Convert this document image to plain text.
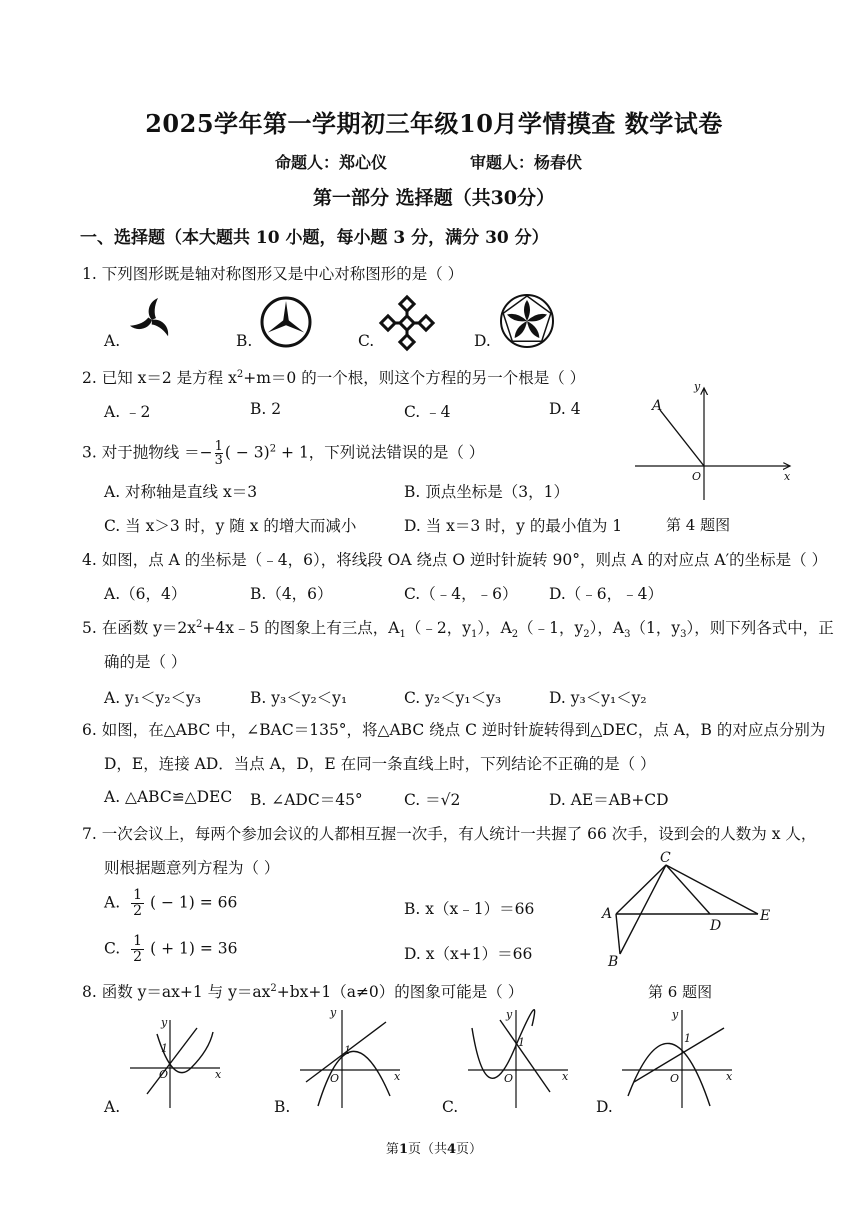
2025学年第一学期初三年级10月学情摸查 数学试卷
命题人：郑心仪	审题人：杨春伏
第一部分 选择题（共30分）
一、选择题（本大题共 10 小题，每小题 3 分，满分 30 分）
1. 下列图形既是轴对称图形又是中心对称图形的是（ ）
A.	B.	C.	D.
2. 已知 x＝2 是方程 $x^2+m=0$ 的一个根，则这个方程的另一个根是（ ）
A. ﹣2	B. 2	C. ﹣4	D. 4
y
x
A
O
第 4 题图
3. 对于抛物线 ＝− $\frac{1}{3}$ ( − 3)$^2$ + 1，下列说法错误的是（ ）
A. 对称轴是直线 x＝3	B. 顶点坐标是（3，1）
C. 当 x＞3 时，y 随 x 的增大而减小	D. 当 x＝3 时，y 的最小值为 1
4. 如图，点 A 的坐标是（﹣4，6），将线段 OA 绕点 O 逆时针旋转 90°，则点 A 的对应点 A′的坐标是（ ）
A.（6，4）	B.（4，6）	C.（﹣4，﹣6） D.（﹣6，﹣4）
5. 在函数 $y=2x^2+4x﹣5$ 的图象上有三点，$A_1(﹣2$，$y_1$），$A_2(﹣1$，$y_2$），$A_3(1$，$y_3$），则下列各式中，正
确的是（ ）
A. y₁＜y₂＜y₃	B. y₃＜y₂＜y₁	C. y₂＜y₁＜y₃	D. y₃＜y₁＜y₂
6. 如图，在△ABC 中，∠BAC＝135°，将△ABC 绕点 C 逆时针旋转得到△DEC，点 A，B 的对应点分别为
D，E，连接 AD．当点 A，D，E 在同一条直线上时，下列结论不正确的是（ ）
A. △ABC≌△DEC B. ∠ADC＝45°	C. ＝√2	D. AE＝AB+CD
7. 一次会议上，每两个参加会议的人都相互握一次手，有人统计一共握了 66 次手，设到会的人数为 x 人，
则根据题意列方程为（ ）
A. $\frac{1}{2}$ ( − 1) = 66	B. x（x﹣1）＝66
C. $\frac{1}{2}$ ( + 1) = 36	D. x（x+1）＝66
C
A
D
E
B
第 6 题图
8. 函数 y＝ax+1 与 $y=ax^2+bx+1(a\ne 0)$的图象可能是（ ）
A.	B.	C.	D.
y
x
O
1
y
x
O
1
y
x
O
1
y
x
O
1
第1页（共4页）
